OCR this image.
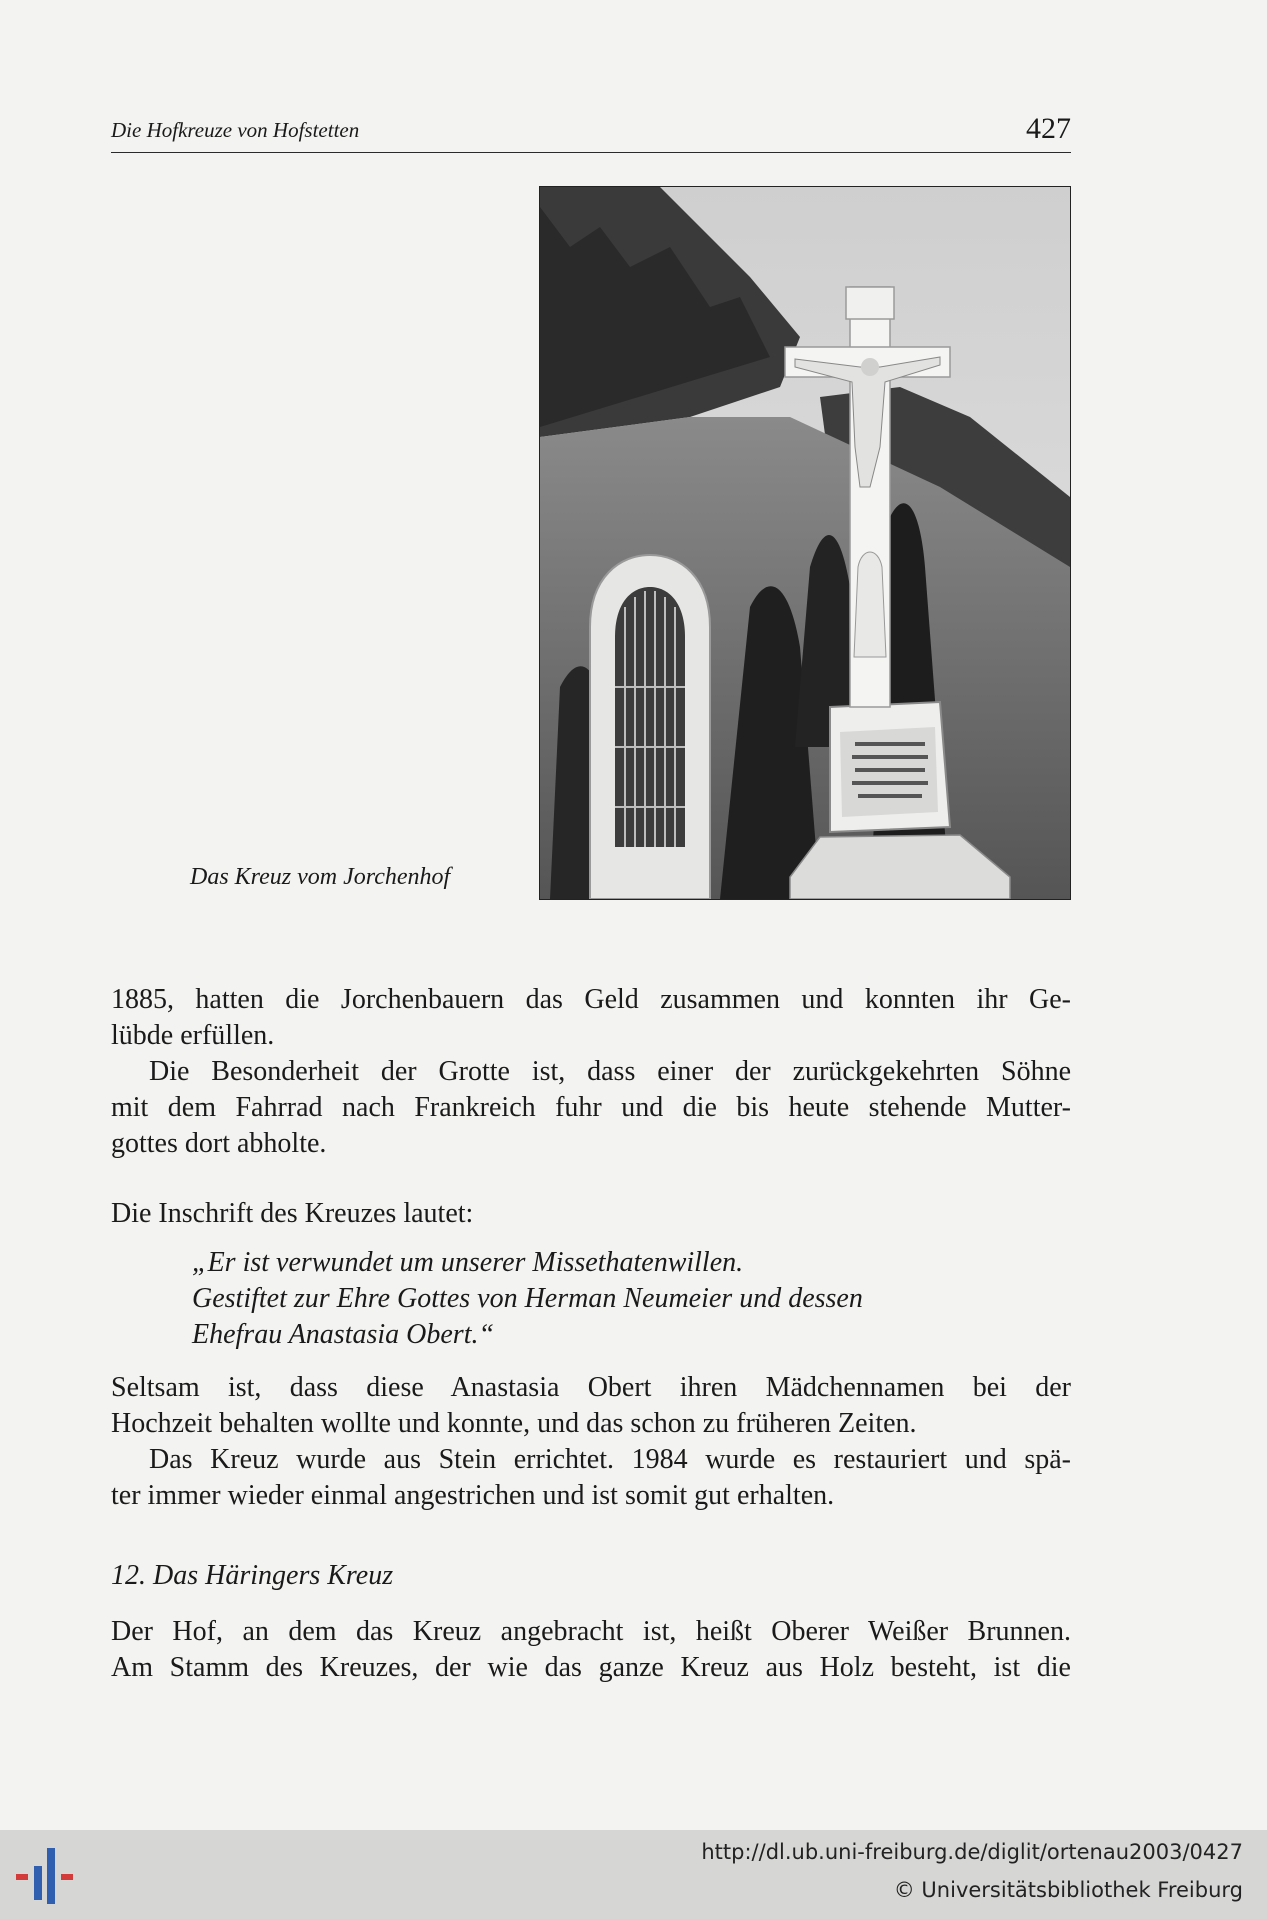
Die Hofkreuze von Hofstetten	427
Das Kreuz vom Jorchenhof
1885, hatten die Jorchenbauern das Geld zusammen und konnten ihr Ge-
lübde erfüllen.
Die Besonderheit der Grotte ist, dass einer der zurückgekehrten Söhne
mit dem Fahrrad nach Frankreich fuhr und die bis heute stehende Mutter-
gottes dort abholte.
Die Inschrift des Kreuzes lautet:
„Er ist verwundet um unserer Missethatenwillen.
Gestiftet zur Ehre Gottes von Herman Neumeier und dessen
Ehefrau Anastasia Obert.“
Seltsam ist, dass diese Anastasia Obert ihren Mädchennamen bei der
Hochzeit behalten wollte und konnte, und das schon zu früheren Zeiten.
Das Kreuz wurde aus Stein errichtet. 1984 wurde es restauriert und spä-
ter immer wieder einmal angestrichen und ist somit gut erhalten.
12. Das Häringers Kreuz
Der Hof, an dem das Kreuz angebracht ist, heißt Oberer Weißer Brunnen.
Am Stamm des Kreuzes, der wie das ganze Kreuz aus Holz besteht, ist die
http://dl.ub.uni-freiburg.de/diglit/ortenau2003/0427
© Universitätsbibliothek Freiburg
